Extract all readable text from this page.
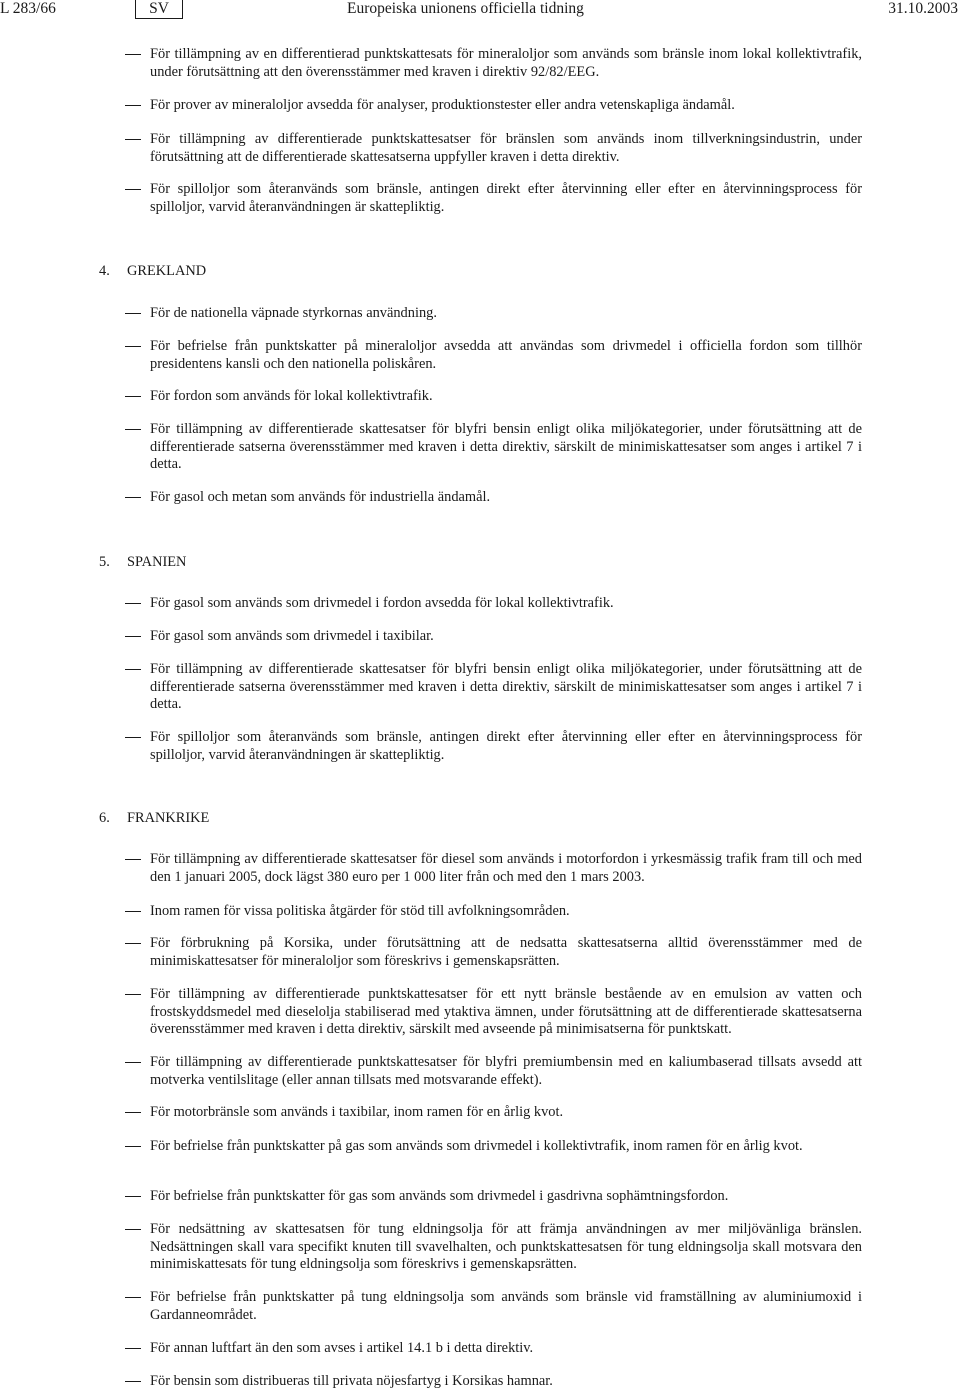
L 283/66	SV	Europeiska unionens officiella tidning	31.10.2003
För tillämpning av en differentierad punktskattesats för mineraloljor som används som bränsle inom lokal kollektivtrafik, under förutsättning att den överensstämmer med kraven i direktiv 92/82/EEG.
För prover av mineraloljor avsedda för analyser, produktionstester eller andra vetenskapliga ändamål.
För tillämpning av differentierade punktskattesatser för bränslen som används inom tillverkningsindustrin, under förutsättning att de differentierade skattesatserna uppfyller kraven i detta direktiv.
För spilloljor som återanvänds som bränsle, antingen direkt efter återvinning eller efter en återvinningsprocess för spilloljor, varvid återanvändningen är skattepliktig.
4. GREKLAND
För de nationella väpnade styrkornas användning.
För befrielse från punktskatter på mineraloljor avsedda att användas som drivmedel i officiella fordon som tillhör presidentens kansli och den nationella poliskåren.
För fordon som används för lokal kollektivtrafik.
För tillämpning av differentierade skattesatser för blyfri bensin enligt olika miljökategorier, under förutsättning att de differentierade satserna överensstämmer med kraven i detta direktiv, särskilt de minimiskattesatser som anges i artikel 7 i detta.
För gasol och metan som används för industriella ändamål.
5. SPANIEN
För gasol som används som drivmedel i fordon avsedda för lokal kollektivtrafik.
För gasol som används som drivmedel i taxibilar.
För tillämpning av differentierade skattesatser för blyfri bensin enligt olika miljökategorier, under förutsättning att de differentierade satserna överensstämmer med kraven i detta direktiv, särskilt de minimiskattesatser som anges i artikel 7 i detta.
För spilloljor som återanvänds som bränsle, antingen direkt efter återvinning eller efter en återvinningsprocess för spilloljor, varvid återanvändningen är skattepliktig.
6. FRANKRIKE
För tillämpning av differentierade skattesatser för diesel som används i motorfordon i yrkesmässig trafik fram till och med den 1 januari 2005, dock lägst 380 euro per 1 000 liter från och med den 1 mars 2003.
Inom ramen för vissa politiska åtgärder för stöd till avfolkningsområden.
För förbrukning på Korsika, under förutsättning att de nedsatta skattesatserna alltid överensstämmer med de minimiskattesatser för mineraloljor som föreskrivs i gemenskapsrätten.
För tillämpning av differentierade punktskattesatser för ett nytt bränsle bestående av en emulsion av vatten och frostskyddsmedel med dieselolja stabiliserad med ytaktiva ämnen, under förutsättning att de differentierade skattesatserna överensstämmer med kraven i detta direktiv, särskilt med avseende på minimisatserna för punktskatt.
För tillämpning av differentierade punktskattesatser för blyfri premiumbensin med en kaliumbaserad tillsats avsedd att motverka ventilslitage (eller annan tillsats med motsvarande effekt).
För motorbränsle som används i taxibilar, inom ramen för en årlig kvot.
För befrielse från punktskatter på gas som används som drivmedel i kollektivtrafik, inom ramen för en årlig kvot.
För befrielse från punktskatter för gas som används som drivmedel i gasdrivna sophämtningsfordon.
För nedsättning av skattesatsen för tung eldningsolja för att främja användningen av mer miljövänliga bränslen. Nedsättningen skall vara specifikt knuten till svavelhalten, och punktskattesatsen för tung eldningsolja skall motsvara den minimiskattesats för tung eldningsolja som föreskrivs i gemenskapsrätten.
För befrielse från punktskatter på tung eldningsolja som används som bränsle vid framställning av aluminiumoxid i Gardanneområdet.
För annan luftfart än den som avses i artikel 14.1 b i detta direktiv.
För bensin som distribueras till privata nöjesfartyg i Korsikas hamnar.
